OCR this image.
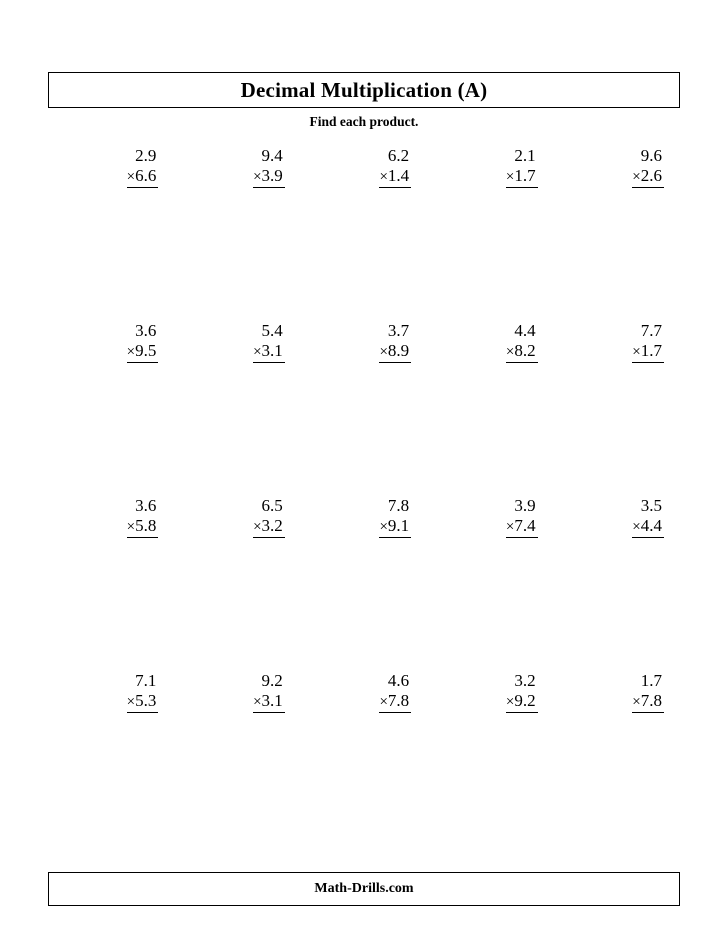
Decimal Multiplication (A)
Find each product.
2.9
×6.6
9.4
×3.9
6.2
×1.4
2.1
×1.7
9.6
×2.6
3.6
×9.5
5.4
×3.1
3.7
×8.9
4.4
×8.2
7.7
×1.7
3.6
×5.8
6.5
×3.2
7.8
×9.1
3.9
×7.4
3.5
×4.4
7.1
×5.3
9.2
×3.1
4.6
×7.8
3.2
×9.2
1.7
×7.8
Math-Drills.com
